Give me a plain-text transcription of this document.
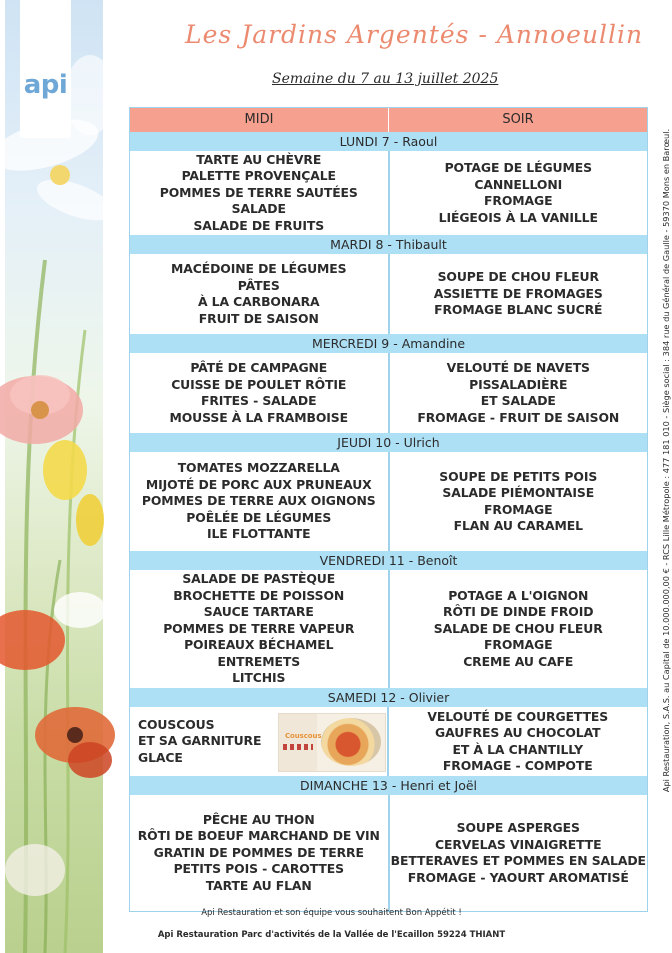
api
Les Jardins Argentés - Annoeullin
Semaine du 7 au 13 juillet 2025
MIDI	SOIR
LUNDI 7 - Raoul
TARTE AU CHÈVRE
PALETTE PROVENÇALE
POMMES DE TERRE SAUTÉES
SALADE
SALADE DE FRUITS
POTAGE DE LÉGUMES
CANNELLONI
FROMAGE
LIÉGEOIS À LA VANILLE
MARDI 8 - Thibault
MACÉDOINE DE LÉGUMES
PÂTES
À LA CARBONARA
FRUIT DE SAISON
SOUPE DE CHOU FLEUR
ASSIETTE DE FROMAGES
FROMAGE BLANC SUCRÉ
MERCREDI 9 - Amandine
PÂTÉ DE CAMPAGNE
CUISSE DE POULET RÔTIE
FRITES - SALADE
MOUSSE À LA FRAMBOISE
VELOUTÉ DE NAVETS
PISSALADIÈRE
ET SALADE
FROMAGE - FRUIT DE SAISON
JEUDI 10 - Ulrich
TOMATES MOZZARELLA
MIJOTÉ DE PORC AUX PRUNEAUX
POMMES DE TERRE AUX OIGNONS
POÊLÉE DE LÉGUMES
ILE FLOTTANTE
SOUPE DE PETITS POIS
SALADE PIÉMONTAISE
FROMAGE
FLAN AU CARAMEL
VENDREDI 11 - Benoît
SALADE DE PASTÈQUE
BROCHETTE DE POISSON
SAUCE TARTARE
POMMES DE TERRE VAPEUR
POIREAUX BÉCHAMEL
ENTREMETS
LITCHIS
POTAGE A L'OIGNON
RÔTI DE DINDE FROID
SALADE DE CHOU FLEUR
FROMAGE
CREME AU CAFE
SAMEDI 12 - Olivier
COUSCOUS
ET SA GARNITURE
GLACE
Couscous
VELOUTÉ DE COURGETTES
GAUFRES AU CHOCOLAT
ET À LA CHANTILLY
FROMAGE - COMPOTE
DIMANCHE 13 - Henri et Joël
PÊCHE AU THON
RÔTI DE BOEUF MARCHAND DE VIN
GRATIN DE POMMES DE TERRE
PETITS POIS - CAROTTES
TARTE AU FLAN
SOUPE ASPERGES
CERVELAS VINAIGRETTE
BETTERAVES ET POMMES EN SALADE
FROMAGE - YAOURT AROMATISÉ
Api Restauration, S.A.S. au Capital de 10.000.000,00 € - RCS Lille Métropole : 477 181 010 - Siège social : 384 rue du Général de Gaulle - 59370 Mons en Barœul.
Api Restauration et son équipe vous souhaitent Bon Appétit !
Api Restauration Parc d'activités de la Vallée de l'Ecaillon 59224 THIANT
